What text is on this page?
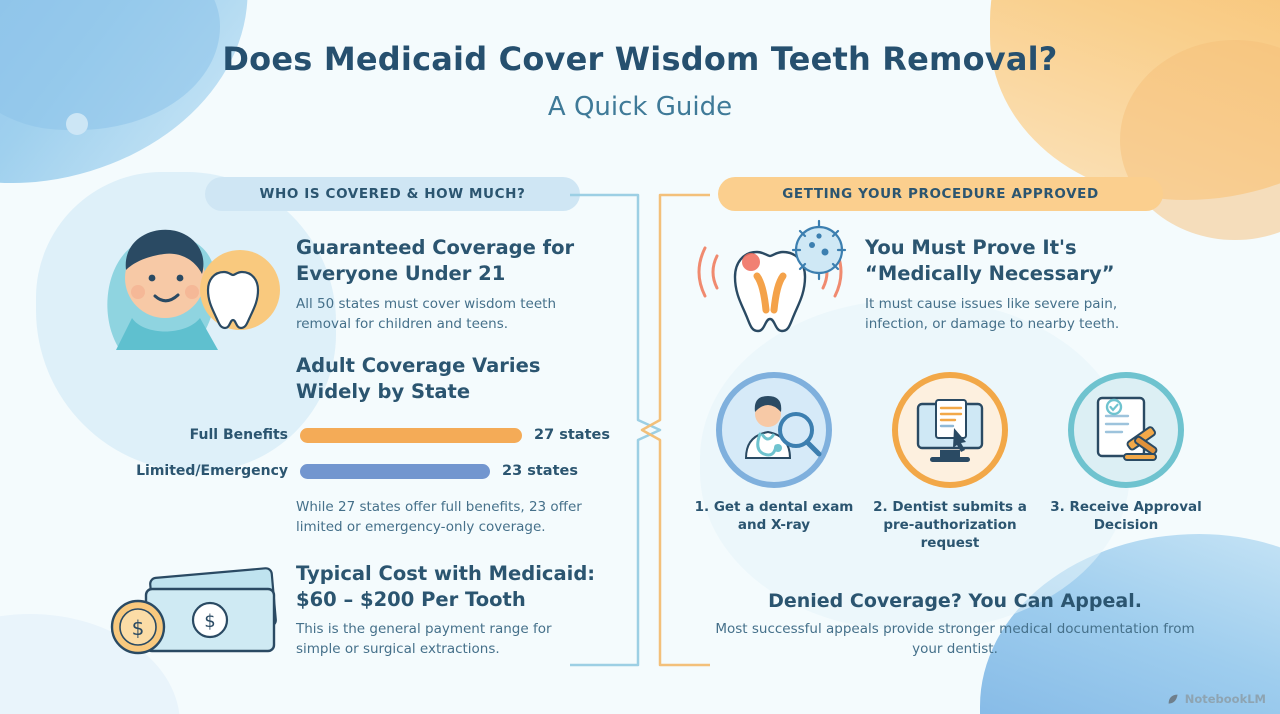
Does Medicaid Cover Wisdom Teeth Removal?
A Quick Guide
WHO IS COVERED & HOW MUCH?	GETTING YOUR PROCEDURE APPROVED
Guaranteed Coverage for Everyone Under 21
All 50 states must cover wisdom teeth removal for children and teens.
Adult Coverage Varies Widely by State
Full Benefits	27 states
Limited/Emergency	23 states
While 27 states offer full benefits, 23 offer limited or emergency-only coverage.
Typical Cost with Medicaid: $60 – $200 Per Tooth
This is the general payment range for simple or surgical extractions.
$
$
You Must Prove It's “Medically Necessary”
It must cause issues like severe pain, infection, or damage to nearby teeth.
1. Get a dental exam and X-ray
2. Dentist submits a pre-authorization request
3. Receive Approval Decision
Denied Coverage? You Can Appeal.
Most successful appeals provide stronger medical documentation from your dentist.
NotebookLM
